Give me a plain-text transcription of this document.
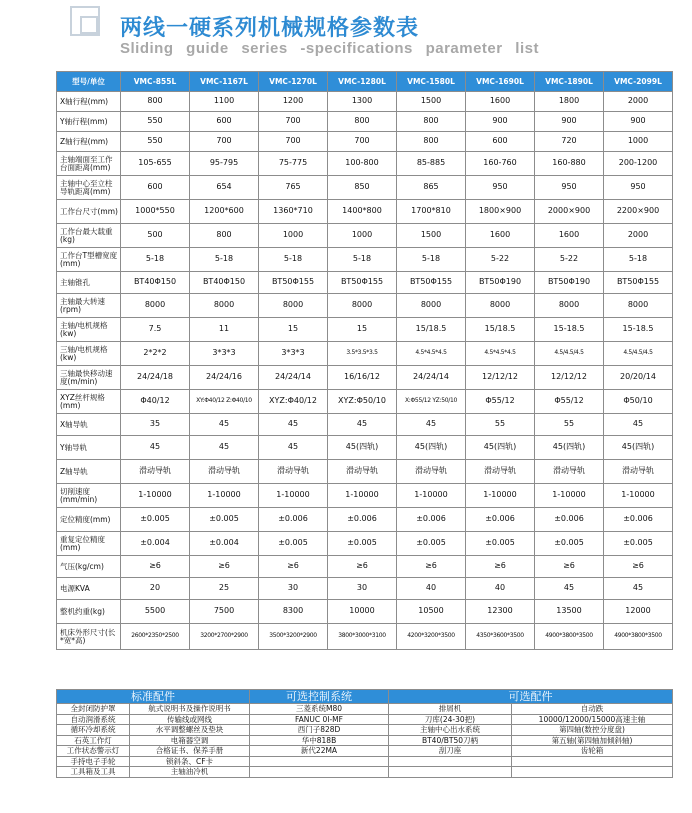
两线一硬系列机械规格参数表
Sliding guide series -specifications parameter list
型号/单位	VMC-855L	VMC-1167L	VMC-1270L	VMC-1280L	VMC-1580L	VMC-1690L	VMC-1890L	VMC-2099L
X轴行程(mm)	800	1100	1200	1300	1500	1600	1800	2000
Y轴行程(mm)	550	600	700	800	800	900	900	900
Z轴行程(mm)	550	700	700	700	800	600	720	1000
主轴端面至工作台面距离(mm)	105-655	95-795	75-775	100-800	85-885	160-760	160-880	200-1200
主轴中心至立柱导轨距离(mm)	600	654	765	850	865	950	950	950
工作台尺寸(mm)	1000*550	1200*600	1360*710	1400*800	1700*810	1800×900	2000×900	2200×900
工作台最大载重(kg)	500	800	1000	1000	1500	1600	1600	2000
工作台T型槽宽度(mm)	5-18	5-18	5-18	5-18	5-18	5-22	5-22	5-18
主轴锥孔	BT40Φ150	BT40Φ150	BT50Φ155	BT50Φ155	BT50Φ155	BT50Φ190	BT50Φ190	BT50Φ155
主轴最大转速(rpm)	8000	8000	8000	8000	8000	8000	8000	8000
主轴/电机规格(kw)	7.5	11	15	15	15/18.5	15/18.5	15-18.5	15-18.5
三轴/电机规格(kw)	2*2*2	3*3*3	3*3*3	3.5*3.5*3.5	4.5*4.5*4.5	4.5*4.5*4.5	4.5/4.5/4.5	4.5/4.5/4.5
三轴最快移动速度(m/min)	24/24/18	24/24/16	24/24/14	16/16/12	24/24/14	12/12/12	12/12/12	20/20/14
XYZ丝杆规格(mm)	Φ40/12	XY:Φ40/12 Z:Φ40/10	XYZ:Φ40/12	XYZ:Φ50/10	X:Φ55/12 YZ:50/10	Φ55/12	Φ55/12	Φ50/10
X轴导轨	35	45	45	45	45	55	55	45
Y轴导轨	45	45	45	45(四轨)	45(四轨)	45(四轨)	45(四轨)	45(四轨)
Z轴导轨	滑动导轨	滑动导轨	滑动导轨	滑动导轨	滑动导轨	滑动导轨	滑动导轨	滑动导轨
切削速度(mm/min)	1-10000	1-10000	1-10000	1-10000	1-10000	1-10000	1-10000	1-10000
定位精度(mm)	±0.005	±0.005	±0.006	±0.006	±0.006	±0.006	±0.006	±0.006
重复定位精度(mm)	±0.004	±0.004	±0.005	±0.005	±0.005	±0.005	±0.005	±0.005
气压(kg/cm)	≥6	≥6	≥6	≥6	≥6	≥6	≥6	≥6
电源KVA	20	25	30	30	40	40	45	45
整机约重(kg)	5500	7500	8300	10000	10500	12300	13500	12000
机床外形尺寸(长*宽*高)	2600*2350*2500	3200*2700*2900	3500*3200*2900	3800*3000*3100	4200*3200*3500	4350*3600*3500	4900*3800*3500	4900*3800*3500
标准配件		可选控制系统	可选配件	
全封闭防护罩	航式说明书及操作说明书	三菱系统M80	排屑机	自动跌
自动润滑系统	传输线或网线	FANUC 0I-MF	刀库(24-30把)	10000/12000/15000高速主轴
循环冷却系统	水平调整螺丝及垫块	西门子828D	主轴中心出水系统	第四轴(数控分度盘)
石英工作灯	电箱器空调	华中818B	BT40/BT50刀柄	第五轴(第四轴加倾斜轴)
工作状态警示灯	合格证书、保养手册	新代22MA	刮刀座	齿轮箱
手持电子手轮	锁斜条、CF卡			
工具箱及工具	主轴油冷机			
